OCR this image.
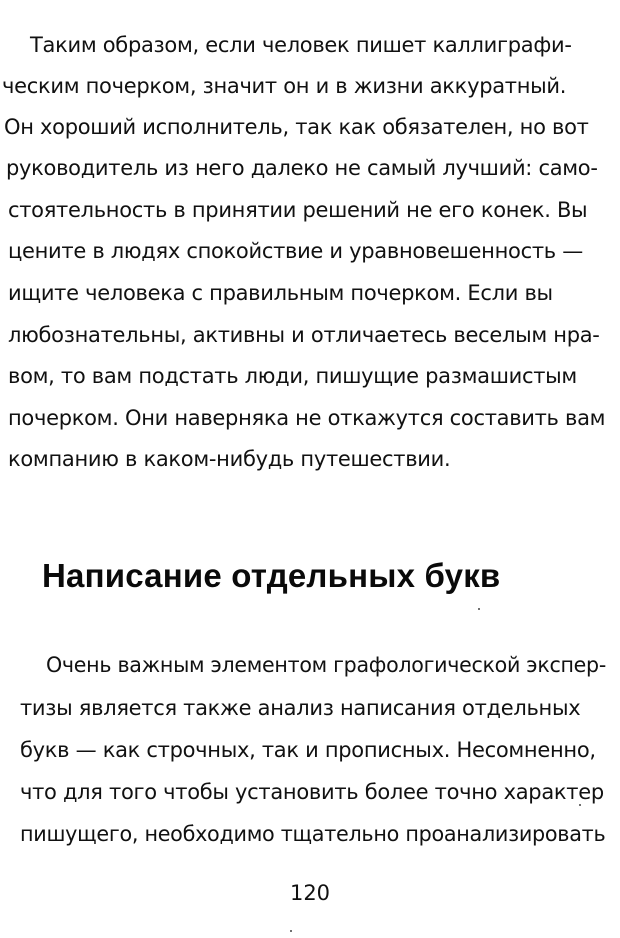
Таким образом, если человек пишет каллиграфи-
ческим почерком, значит он и в жизни аккуратный.
Он хороший исполнитель, так как обязателен, но вот
руководитель из него далеко не самый лучший: само-
стоятельность в принятии решений не его конек. Вы
цените в людях спокойствие и уравновешенность —
ищите человека с правильным почерком. Если вы
любознательны, активны и отличаетесь веселым нра-
вом, то вам подстать люди, пишущие размашистым
почерком. Они наверняка не откажутся составить вам
компанию в каком-нибудь путешествии.
Написание отдельных букв
Очень важным элементом графологической экспер-
тизы является также анализ написания отдельных
букв — как строчных, так и прописных. Несомненно,
что для того чтобы установить более точно характер
пишущего, необходимо тщательно проанализировать
120
